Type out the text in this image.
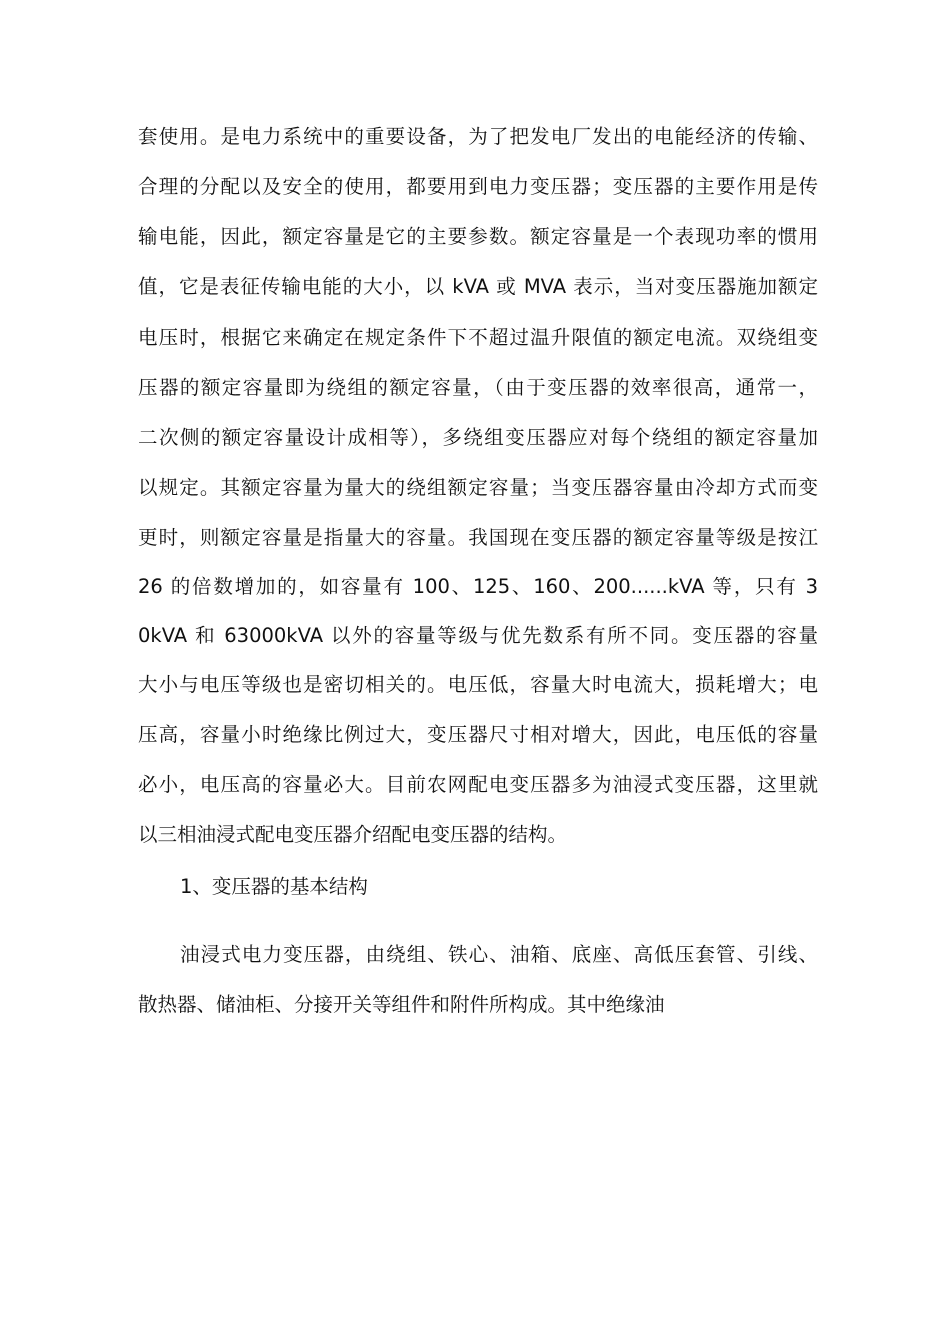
套使用。是电力系统中的重要设备，为了把发电厂发出的电能经济的传输、
合理的分配以及安全的使用，都要用到电力变压器；变压器的主要作用是传
输电能，因此，额定容量是它的主要参数。额定容量是一个表现功率的惯用
值，它是表征传输电能的大小，以 kVA 或 MVA 表示，当对变压器施加额定
电压时，根据它来确定在规定条件下不超过温升限值的额定电流。双绕组变
压器的额定容量即为绕组的额定容量，（由于变压器的效率很高，通常一，
二次侧的额定容量设计成相等），多绕组变压器应对每个绕组的额定容量加
以规定。其额定容量为量大的绕组额定容量；当变压器容量由冷却方式而变
更时，则额定容量是指量大的容量。我国现在变压器的额定容量等级是按江
26 的倍数增加的，如容量有 100、125、160、200......kVA 等，只有 3
0kVA 和 63000kVA 以外的容量等级与优先数系有所不同。变压器的容量
大小与电压等级也是密切相关的。电压低，容量大时电流大，损耗增大；电
压高，容量小时绝缘比例过大，变压器尺寸相对增大，因此，电压低的容量
必小，电压高的容量必大。目前农网配电变压器多为油浸式变压器，这里就
以三相油浸式配电变压器介绍配电变压器的结构。
1、变压器的基本结构
油浸式电力变压器，由绕组、铁心、油箱、底座、高低压套管、引线、
散热器、储油柜、分接开关等组件和附件所构成。其中绝缘油
